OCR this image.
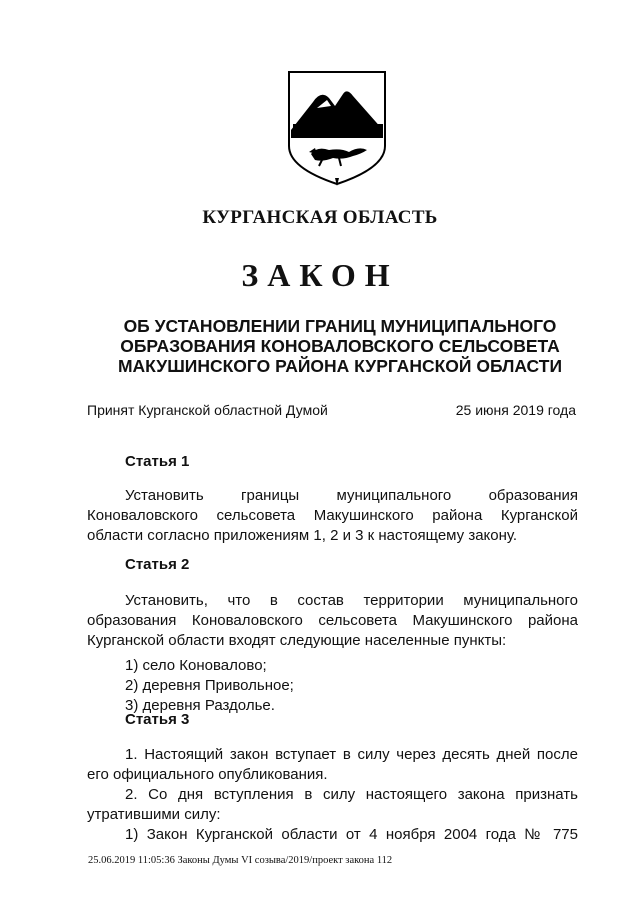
КУРГАНСКАЯ ОБЛАСТЬ
ЗАКОН
ОБ УСТАНОВЛЕНИИ ГРАНИЦ МУНИЦИПАЛЬНОГО
ОБРАЗОВАНИЯ КОНОВАЛОВСКОГО СЕЛЬСОВЕТА
МАКУШИНСКОГО РАЙОНА КУРГАНСКОЙ ОБЛАСТИ
Принят Курганской областной Думой	25 июня 2019 года
Статья 1

Установить границы муниципального образования Коноваловского сельсовета Макушинского района Курганской области согласно приложениям 1, 2 и 3 к настоящему закону.

Статья 2

Установить, что в состав территории муниципального образования Коноваловского сельсовета Макушинского района Курганской области входят следующие населенные пункты:

1) село Коновалово;
2) деревня Привольное;
3) деревня Раздолье.
Статья 3

1. Настоящий закон вступает в силу через десять дней после его официального опубликования.

2. Со дня вступления в силу настоящего закона признать утратившими силу:

1) Закон Курганской области от 4 ноября 2004 года № 775

25.06.2019 11:05:36 Законы Думы VI созыва/2019/проект закона 112
